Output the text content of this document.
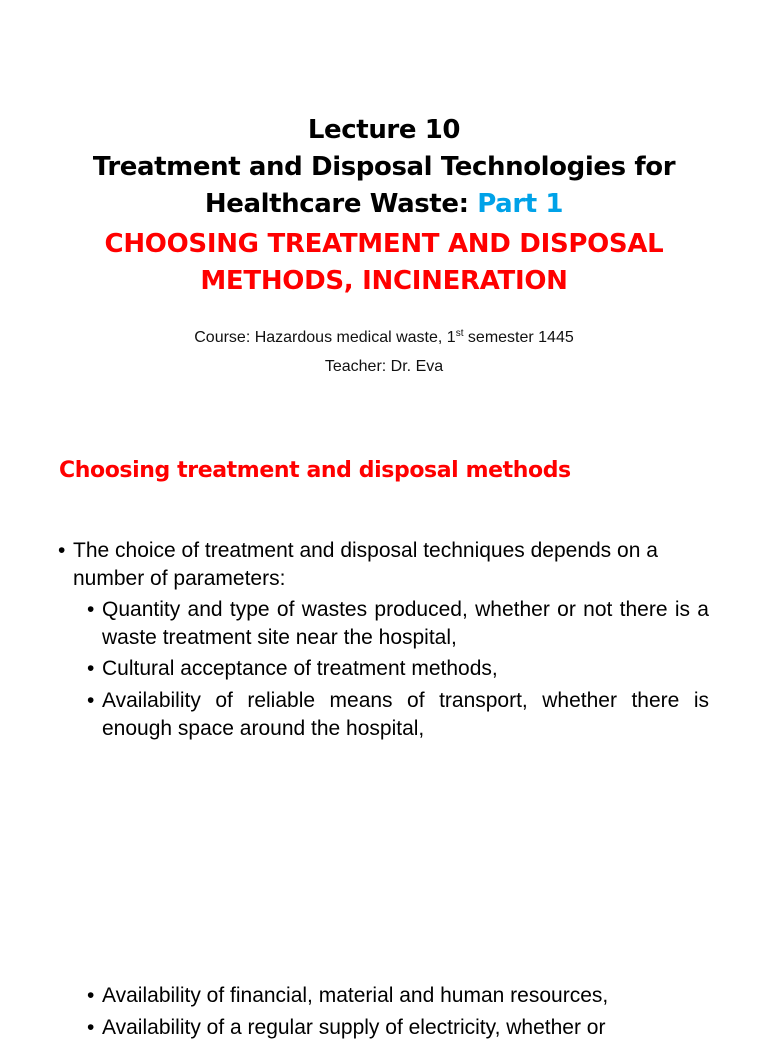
Lecture 10
Treatment and Disposal Technologies for
Healthcare Waste: Part 1
CHOOSING TREATMENT AND DISPOSAL
METHODS, INCINERATION
Course: Hazardous medical waste, 1st semester 1445
Teacher: Dr. Eva
Choosing treatment and disposal methods
• The choice of treatment and disposal techniques depends on a number of parameters:
• Quantity and type of wastes produced, whether or not there is a waste treatment site near the hospital,
• Cultural acceptance of treatment methods,
• Availability of reliable means of transport, whether there is enough space around the hospital,
• Availability of financial, material and human resources,
• Availability of a regular supply of electricity, whether or
